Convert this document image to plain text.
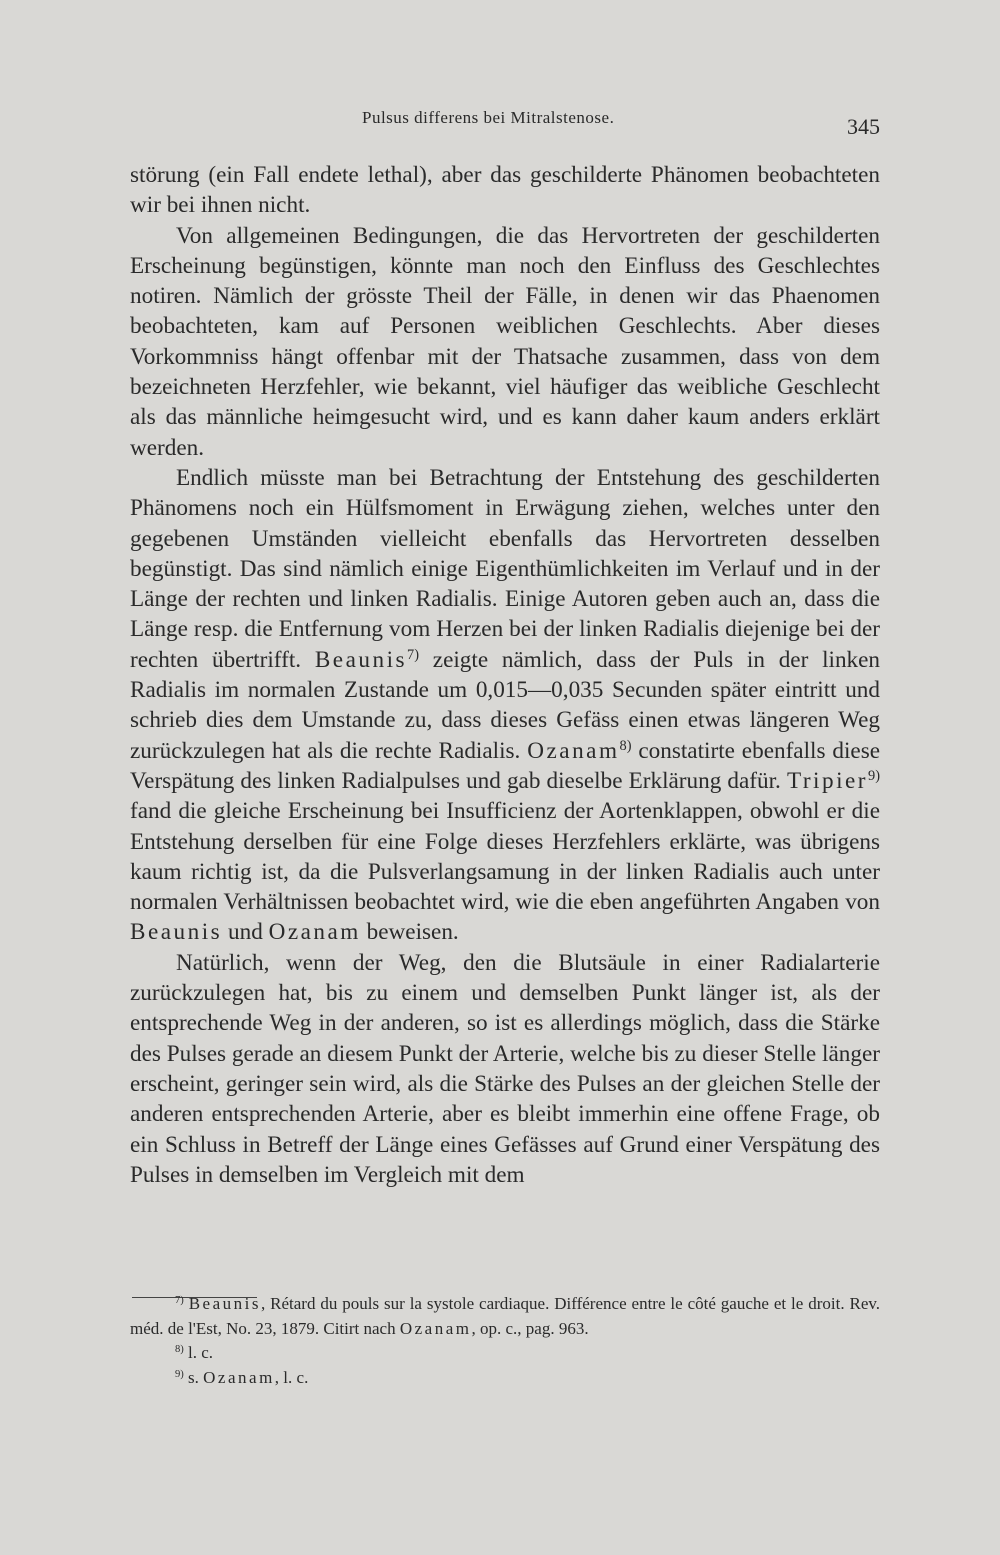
Pulsus differens bei Mitralstenose.	345

störung (ein Fall endete lethal), aber das geschilderte Phänomen beobachteten wir bei ihnen nicht.

Von allgemeinen Bedingungen, die das Hervortreten der geschilderten Erscheinung begünstigen, könnte man noch den Einfluss des Geschlechtes notiren. Nämlich der grösste Theil der Fälle, in denen wir das Phaenomen beobachteten, kam auf Personen weiblichen Geschlechts. Aber dieses Vorkommniss hängt offenbar mit der Thatsache zusammen, dass von dem bezeichneten Herzfehler, wie bekannt, viel häufiger das weibliche Geschlecht als das männliche heimgesucht wird, und es kann daher kaum anders erklärt werden.

Endlich müsste man bei Betrachtung der Entstehung des geschilderten Phänomens noch ein Hülfsmoment in Erwägung ziehen, welches unter den gegebenen Umständen vielleicht ebenfalls das Hervortreten desselben begünstigt. Das sind nämlich einige Eigenthümlichkeiten im Verlauf und in der Länge der rechten und linken Radialis. Einige Autoren geben auch an, dass die Länge resp. die Entfernung vom Herzen bei der linken Radialis diejenige bei der rechten übertrifft. Beaunis$^{7)}$ zeigte nämlich, dass der Puls in der linken Radialis im normalen Zustande um 0,015—0,035 Secunden später eintritt und schrieb dies dem Umstande zu, dass dieses Gefäss einen etwas längeren Weg zurückzulegen hat als die rechte Radialis. Ozanam$^{8)}$ constatirte ebenfalls diese Verspätung des linken Radialpulses und gab dieselbe Erklärung dafür. Tripier$^{9)}$ fand die gleiche Erscheinung bei Insufficienz der Aortenklappen, obwohl er die Entstehung derselben für eine Folge dieses Herzfehlers erklärte, was übrigens kaum richtig ist, da die Pulsverlangsamung in der linken Radialis auch unter normalen Verhältnissen beobachtet wird, wie die eben angeführten Angaben von Beaunis und Ozanam beweisen.

Natürlich, wenn der Weg, den die Blutsäule in einer Radialarterie zurückzulegen hat, bis zu einem und demselben Punkt länger ist, als der entsprechende Weg in der anderen, so ist es allerdings möglich, dass die Stärke des Pulses gerade an diesem Punkt der Arterie, welche bis zu dieser Stelle länger erscheint, geringer sein wird, als die Stärke des Pulses an der gleichen Stelle der anderen entsprechenden Arterie, aber es bleibt immerhin eine offene Frage, ob ein Schluss in Betreff der Länge eines Gefässes auf Grund einer Verspätung des Pulses in demselben im Vergleich mit dem

$^{7)}$ Beaunis, Rétard du pouls sur la systole cardiaque. Différence entre le côté gauche et le droit. Rev. méd. de l'Est, No. 23, 1879. Citirt nach Ozanam, op. c., pag. 963.

$^{8)}$ l. c.

$^{9)}$ s. Ozanam, l. c.
